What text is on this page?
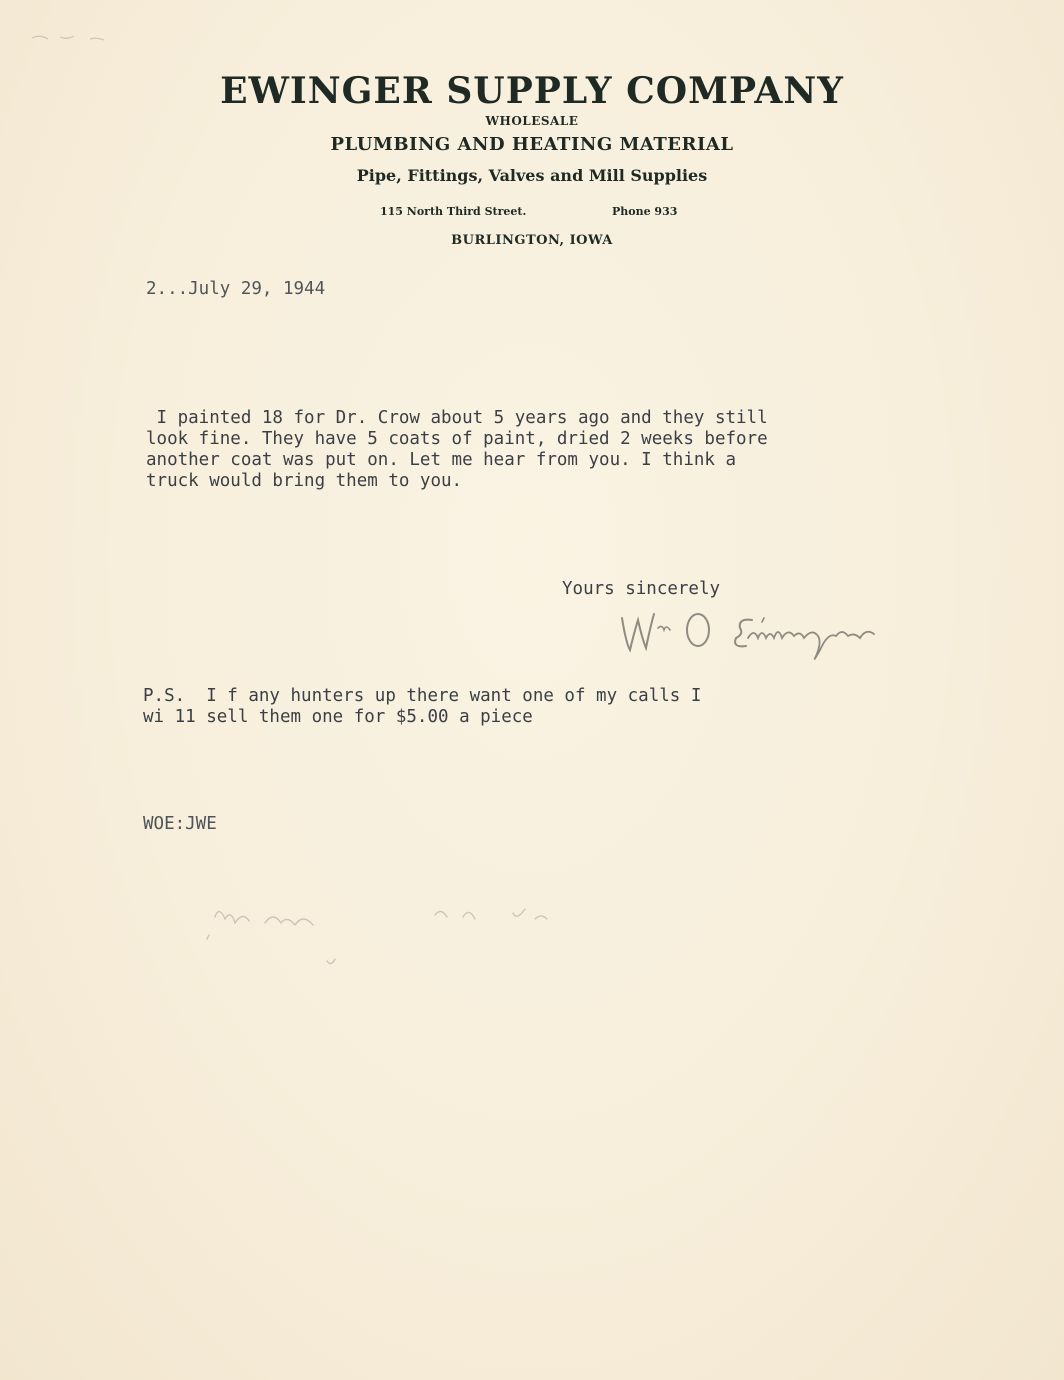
EWINGER SUPPLY COMPANY
WHOLESALE
PLUMBING AND HEATING MATERIAL
Pipe, Fittings, Valves and Mill Supplies
115 North Third Street.	Phone 933
BURLINGTON, IOWA
2...July 29, 1944
I painted 18 for Dr. Crow about 5 years ago and they still
look fine. They have 5 coats of paint, dried 2 weeks before
another coat was put on. Let me hear from you. I think a
truck would bring them to you.
Yours sincerely
P.S.  I f any hunters up there want one of my calls I
wi 11 sell them one for $5.00 a piece
WOE:JWE
